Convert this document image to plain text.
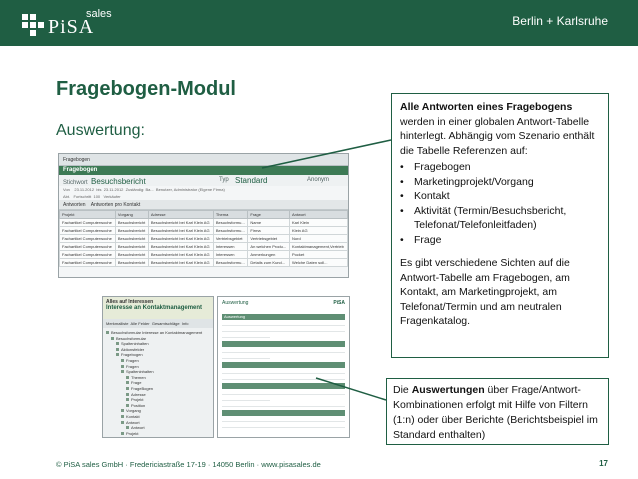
sales
PiSA	Berlin + Karlsruhe
Fragebogen-Modul
Auswertung:
Fragebogen
Fragebogen
Stichwort Besuchsbericht	Typ Standard	Anonym
Von 23.11.2012 bis 23.11.2012 Zuständig: Ba... Benutzer, Administrator (Eigene Firma)
Abt. Fortschritt 100 Verkäufer
Antworten Antworten pro Kontakt
Projekt	Vorgang	Adresse	Thema	Frage	Antwort
Fachartikel Computerwoche	Besuchsbericht	Besuchsbericht bei Karl Klein AG	Besuchsformu...	Name	Karl Klein
Fachartikel Computerwoche	Besuchsbericht	Besuchsbericht bei Karl Klein AG	Besuchsformu...	Firma	Klein AG
Fachartikel Computerwoche	Besuchsbericht	Besuchsbericht bei Karl Klein AG	Vertriebsgebiet	Vertriebsgebiet	Nord
Fachartikel Computerwoche	Besuchsbericht	Besuchsbericht bei Karl Klein AG	Interessen	An welchen Produ...	Kontaktmanagement,Vertrieb
Fachartikel Computerwoche	Besuchsbericht	Besuchsbericht bei Karl Klein AG	Interessen	Anmerkungen	Pocket
Fachartikel Computerwoche	Besuchsbericht	Besuchsbericht bei Karl Klein AG	Besuchsformu...	Details zum Kund...	Welche Daten soll...
Alles auf Interessen
Interesse an Kontaktmanagement
Merkmalliste Alle Felder Gesamtschläge Info
Besuchsformular Interesse an Kontaktmanagement
Besuchsformular
Spalteninhalten
Aktionsfelder
Fragebogen
Fragen
Fragen
Spalteninhalten
Themen
Frage
FrageBogen
Adresse
Projekt
Position
Vorgang
Kontakt
Antwort
Antwort
Projekt
Auswertung	PiSA
Auswertung
Alle Antworten eines Fragebogens werden in einer globalen Antwort-Tabelle hinterlegt. Abhängig vom Szenario enthält die Tabelle Referenzen auf:
• Fragebogen
• Marketingprojekt/Vorgang
• Kontakt
• Aktivität (Termin/Besuchsbericht, Telefonat/Telefonleitfaden)
• Frage
Es gibt verschiedene Sichten auf die Antwort-Tabelle am Fragebogen, am Kontakt, am Marketingprojekt, am Telefonat/Termin und am neutralen Fragenkatalog.
Die Auswertungen über Frage/Antwort-Kombinationen erfolgt mit Hilfe von Filtern (1:n) oder über Berichte (Berichtsbeispiel im Standard enthalten)
© PiSA sales GmbH · Fredericiastraße 17-19 · 14050 Berlin · www.pisasales.de	17
